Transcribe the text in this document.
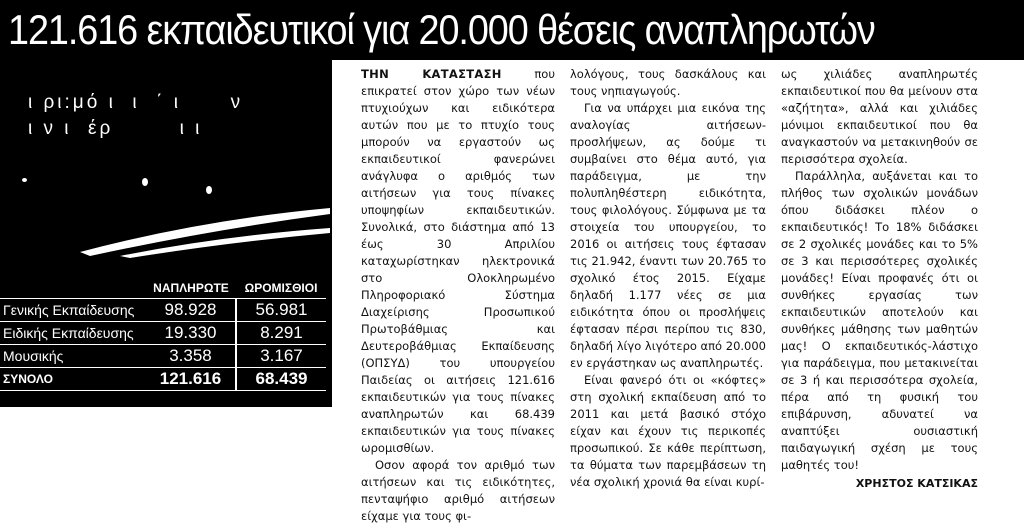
121.616 εκπαιδευτικοί για 20.000 θέσεις αναπληρωτών
ι ρι:μό ι  ι  ΄ ι      ν
ι ν ι  έρ        ι ι
	ΝΑΠΛΗΡΩΤΕ	ΩΡΟΜΙΣΘΙΟΙ
Γενικής Εκπαίδευσης	98.928	56.981
Ειδικής Εκπαίδευσης	19.330	8.291
Μουσικής	3.358	3.167
ΣΥΝΟΛΟ	121.616	68.439

ΤΗΝ ΚΑΤΑΣΤΑΣΗ που επικρατεί στον χώρο των νέων πτυχιούχων και ειδικότερα αυτών που με το πτυχίο τους μπορούν να εργαστούν ως εκπαιδευτικοί φανερώνει ανάγλυφα ο αριθμός των αιτήσεων για τους πίνακες υποψηφίων εκπαιδευτικών. Συνολικά, στο διάστημα από 13 έως 30 Απριλίου καταχωρίστηκαν ηλεκτρονικά στο Ολοκληρωμένο Πληροφοριακό Σύστημα Διαχείρισης Προσωπικού Πρωτοβάθμιας και Δευτεροβάθμιας Εκπαίδευσης (ΟΠΣΥΔ) του υπουργείου Παιδείας οι αιτήσεις 121.616 εκπαιδευτικών για τους πίνακες αναπληρωτών και 68.439 εκπαιδευτικών για τους πίνακες ωρομισθίων.

Οσον αφορά τον αριθμό των αιτήσεων και τις ειδικότητες, πενταψήφιο αριθμό αιτήσεων είχαμε για τους φι-

λολόγους, τους δασκάλους και τους νηπιαγωγούς.

Για να υπάρχει μια εικόνα της αναλογίας αιτήσεων-προσλήψεων, ας δούμε τι συμβαίνει στο θέμα αυτό, για παράδειγμα, με την πολυπληθέστερη ειδικότητα, τους φιλολόγους. Σύμφωνα με τα στοιχεία του υπουργείου, το 2016 οι αιτήσεις τους έφτασαν τις 21.942, έναντι των 20.765 το σχολικό έτος 2015. Είχαμε δηλαδή 1.177 νέες σε μια ειδικότητα όπου οι προσλήψεις έφτασαν πέρσι περίπου τις 830, δηλαδή λίγο λιγότερο από 20.000 εν εργάστηκαν ως αναπληρωτές.

Είναι φανερό ότι οι «κόφτες» στη σχολική εκπαίδευση από το 2011 και μετά βασικό στόχο είχαν και έχουν τις περικοπές προσωπικού. Σε κάθε περίπτωση, τα θύματα των παρεμβάσεων τη νέα σχολική χρονιά θα είναι κυρί-

ως χιλιάδες αναπληρωτές εκπαιδευτικοί που θα μείνουν στα «αζήτητα», αλλά και χιλιάδες μόνιμοι εκπαιδευτικοί που θα αναγκαστούν να μετακινηθούν σε περισσότερα σχολεία.

Παράλληλα, αυξάνεται και το πλήθος των σχολικών μονάδων όπου διδάσκει πλέον ο εκπαιδευτικός! Το 18% διδάσκει σε 2 σχολικές μονάδες και το 5% σε 3 και περισσότερες σχολικές μονάδες! Είναι προφανές ότι οι συνθήκες εργασίας των εκπαιδευτικών αποτελούν και συνθήκες μάθησης των μαθητών μας! Ο εκπαιδευτικός-λάστιχο για παράδειγμα, που μετακινείται σε 3 ή και περισσότερα σχολεία, πέρα από τη φυσική του επιβάρυνση, αδυνατεί να αναπτύξει ουσιαστική παιδαγωγική σχέση με τους μαθητές του!

ΧΡΗΣΤΟΣ ΚΑΤΣΙΚΑΣ
